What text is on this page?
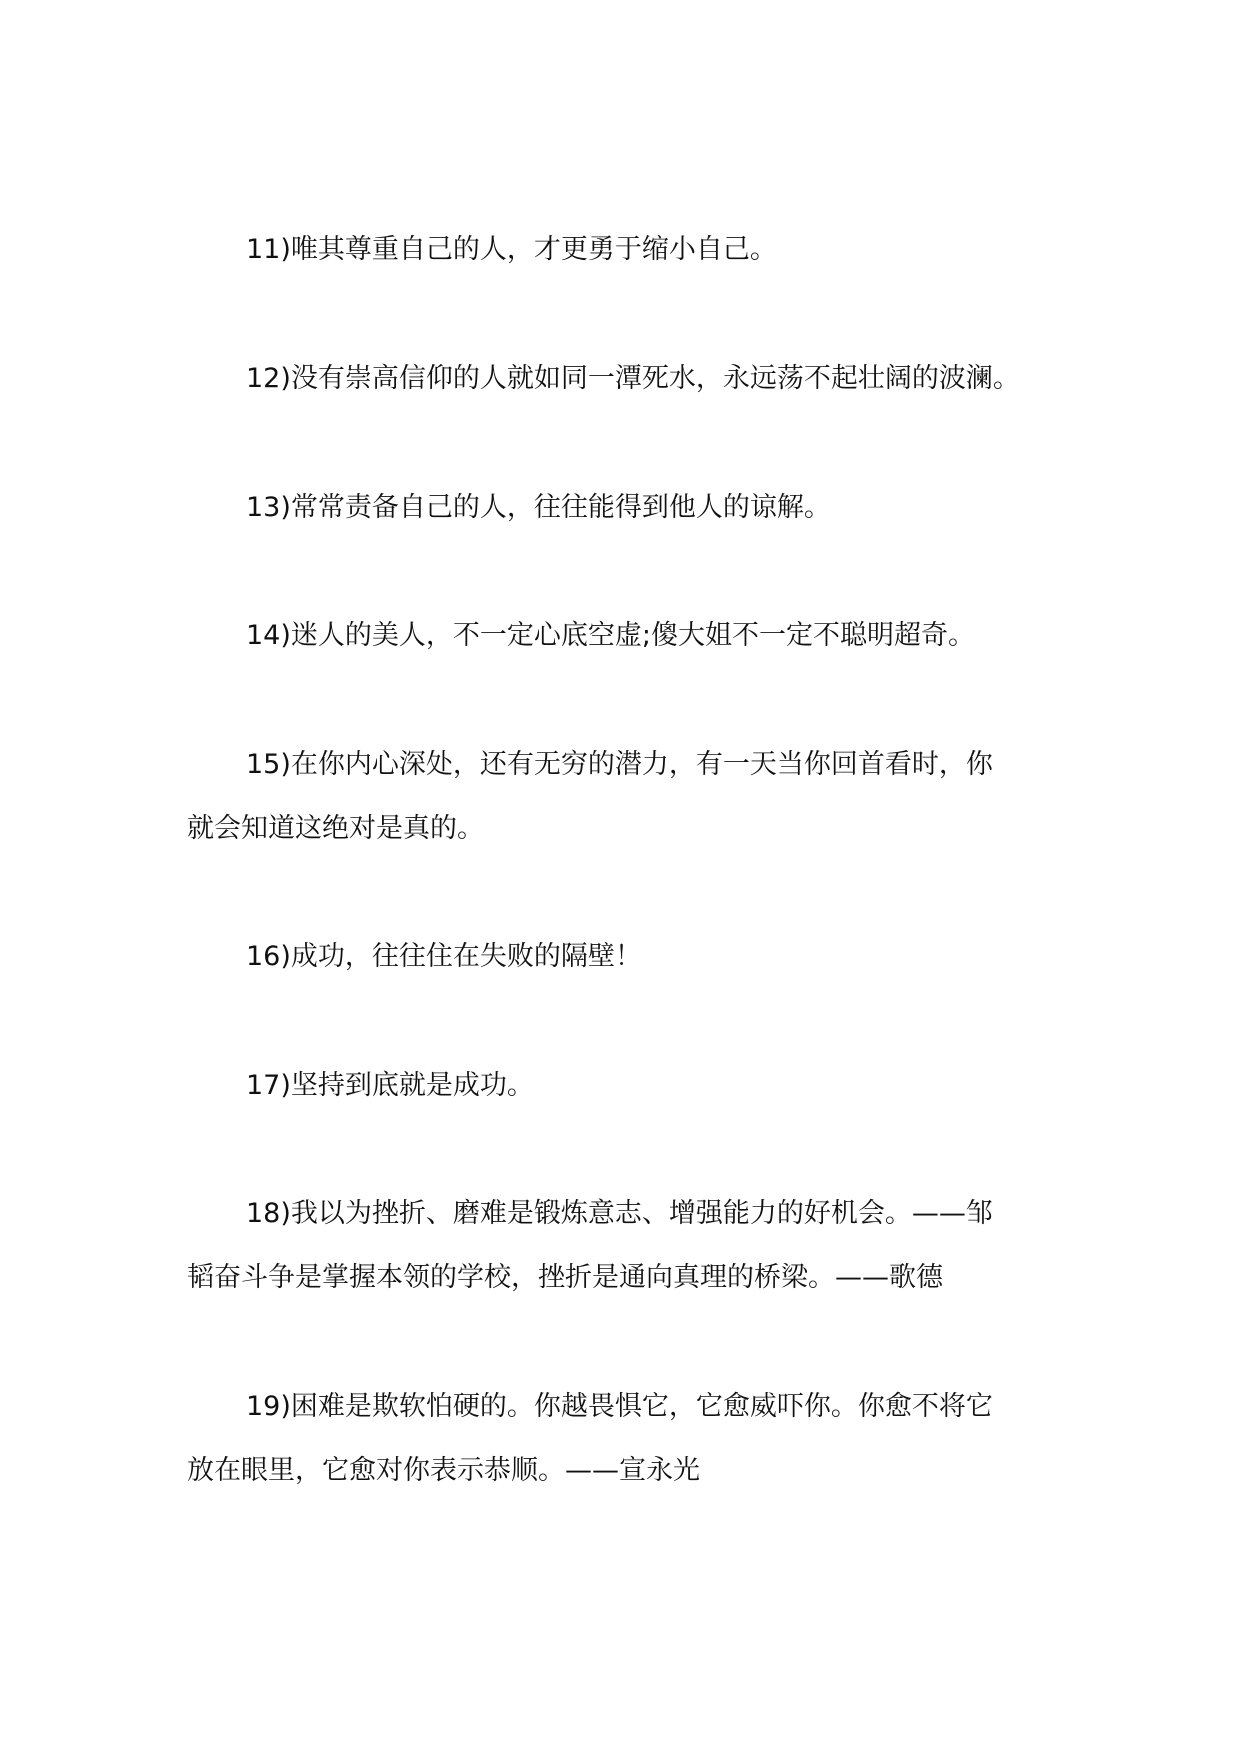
11)唯其尊重自己的人，才更勇于缩小自己。
12)没有崇高信仰的人就如同一潭死水，永远荡不起壮阔的波澜。
13)常常责备自己的人，往往能得到他人的谅解。
14)迷人的美人，不一定心底空虚;傻大姐不一定不聪明超奇。
15)在你内心深处，还有无穷的潜力，有一天当你回首看时，你
就会知道这绝对是真的。
16)成功，往往住在失败的隔壁！
17)坚持到底就是成功。
18)我以为挫折、磨难是锻炼意志、增强能力的好机会。——邹
韬奋斗争是掌握本领的学校，挫折是通向真理的桥梁。——歌德
19)困难是欺软怕硬的。你越畏惧它，它愈威吓你。你愈不将它
放在眼里，它愈对你表示恭顺。——宣永光
